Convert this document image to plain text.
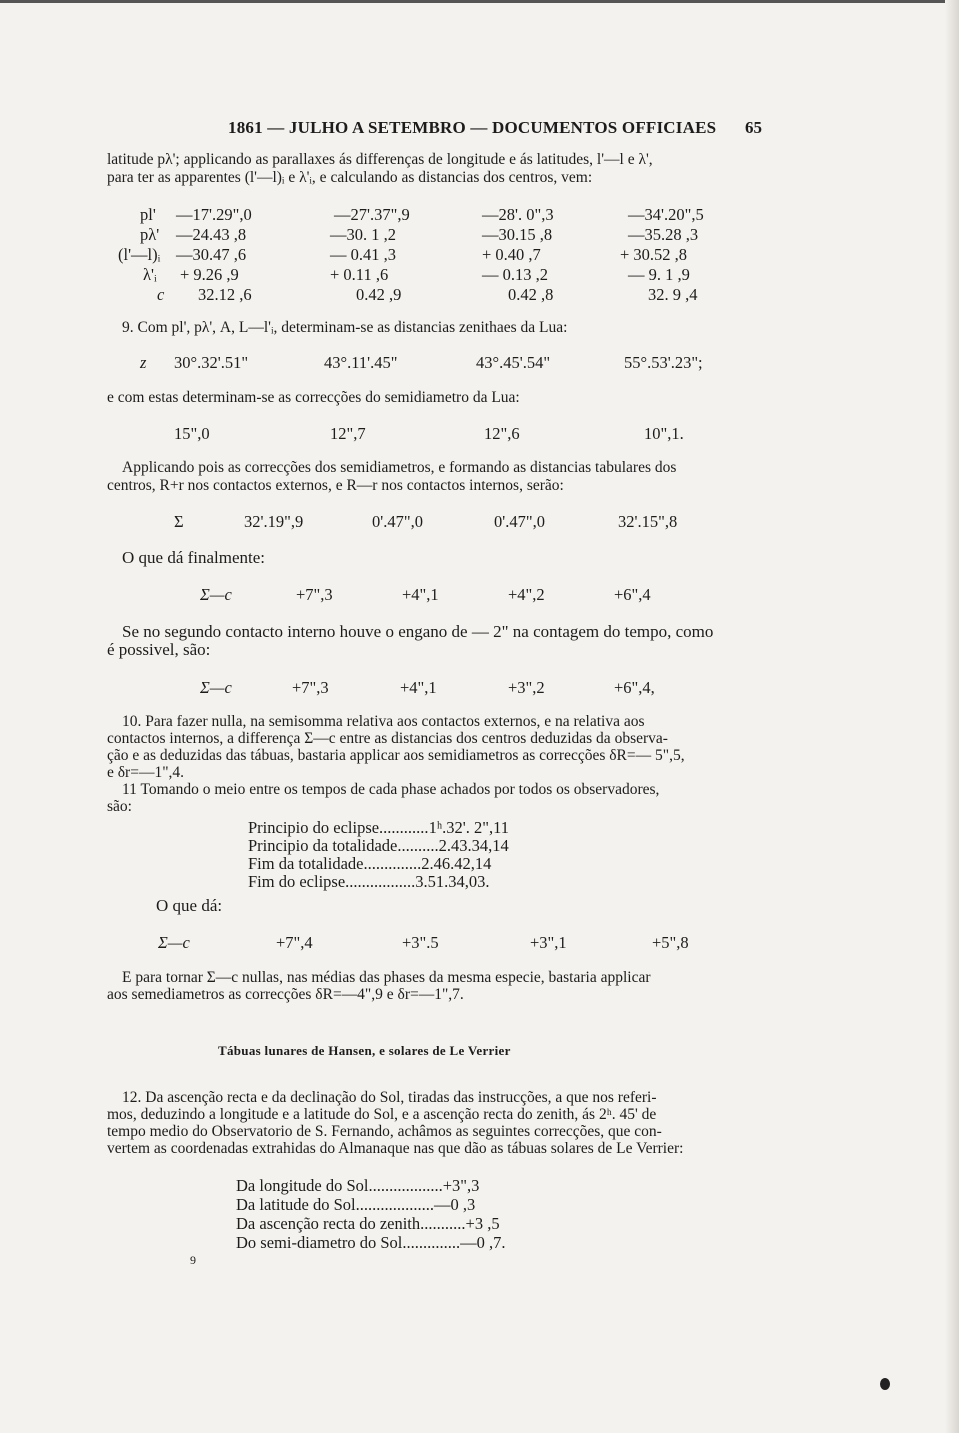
1861 — JULHO A SETEMBRO — DOCUMENTOS OFFICIAES 65
latitude pλ'; applicando as parallaxes ás differenças de longitude e ás latitudes, l'—l e λ',
para ter as apparentes (l'—l)ᵢ e λ'ᵢ, e calculando as distancias dos centros, vem:
pl' —17'.29",0	—27'.37",9	—28'. 0",3	—34'.20",5
pλ' —24.43 ,8	—30. 1 ,2	—30.15 ,8	—35.28 ,3
(l'—l)ᵢ —30.47 ,6	— 0.41 ,3	+ 0.40 ,7	+ 30.52 ,8
λ'ᵢ + 9.26 ,9	+ 0.11 ,6	— 0.13 ,2	— 9. 1 ,9
c 32.12 ,6	0.42 ,9	0.42 ,8	32. 9 ,4
9. Com pl', pλ', A, L—l'ᵢ, determinam-se as distancias zenithaes da Lua:
z 30°.32'.51"	43°.11'.45"	43°.45'.54"	55°.53'.23";
e com estas determinam-se as correcções do semidiametro da Lua:
15",0	12",7	12",6	10",1.
Applicando pois as correcções dos semidiametros, e formando as distancias tabulares dos
centros, R+r nos contactos externos, e R—r nos contactos internos, serão:
Σ	32'.19",9	0'.47",0	0'.47",0	32'.15",8
O que dá finalmente:
Σ—c	+7",3	+4",1	+4",2	+6",4
Se no segundo contacto interno houve o engano de — 2" na contagem do tempo, como
é possivel, são:
Σ—c	+7",3	+4",1	+3",2	+6",4,
10. Para fazer nulla, na semisomma relativa aos contactos externos, e na relativa aos
contactos internos, a differença Σ—c entre as distancias dos centros deduzidas da observa-
ção e as deduzidas das tábuas, bastaria applicar aos semidiametros as correcções δR=— 5",5,
e δr=—1",4.
11 Tomando o meio entre os tempos de cada phase achados por todos os observadores,
são:
Principio do eclipse............1ʰ.32'. 2",11
Principio da totalidade..........2.43.34,14
Fim da totalidade..............2.46.42,14
Fim do eclipse.................3.51.34,03.
O que dá:
Σ—c	+7",4	+3".5	+3",1	+5",8
E para tornar Σ—c nullas, nas médias das phases da mesma especie, bastaria applicar
aos semediametros as correcções δR=—4",9 e δr=—1",7.
Tábuas lunares de Hansen, e solares de Le Verrier
12. Da ascenção recta e da declinação do Sol, tiradas das instrucções, a que nos referi-
mos, deduzindo a longitude e a latitude do Sol, e a ascenção recta do zenith, ás 2ʰ. 45' de
tempo medio do Observatorio de S. Fernando, achâmos as seguintes correcções, que con-
vertem as coordenadas extrahidas do Almanaque nas que dão as tábuas solares de Le Verrier:
Da longitude do Sol..................+3",3
Da latitude do Sol...................—0 ,3
Da ascenção recta do zenith...........+3 ,5
Do semi-diametro do Sol..............—0 ,7.
9
